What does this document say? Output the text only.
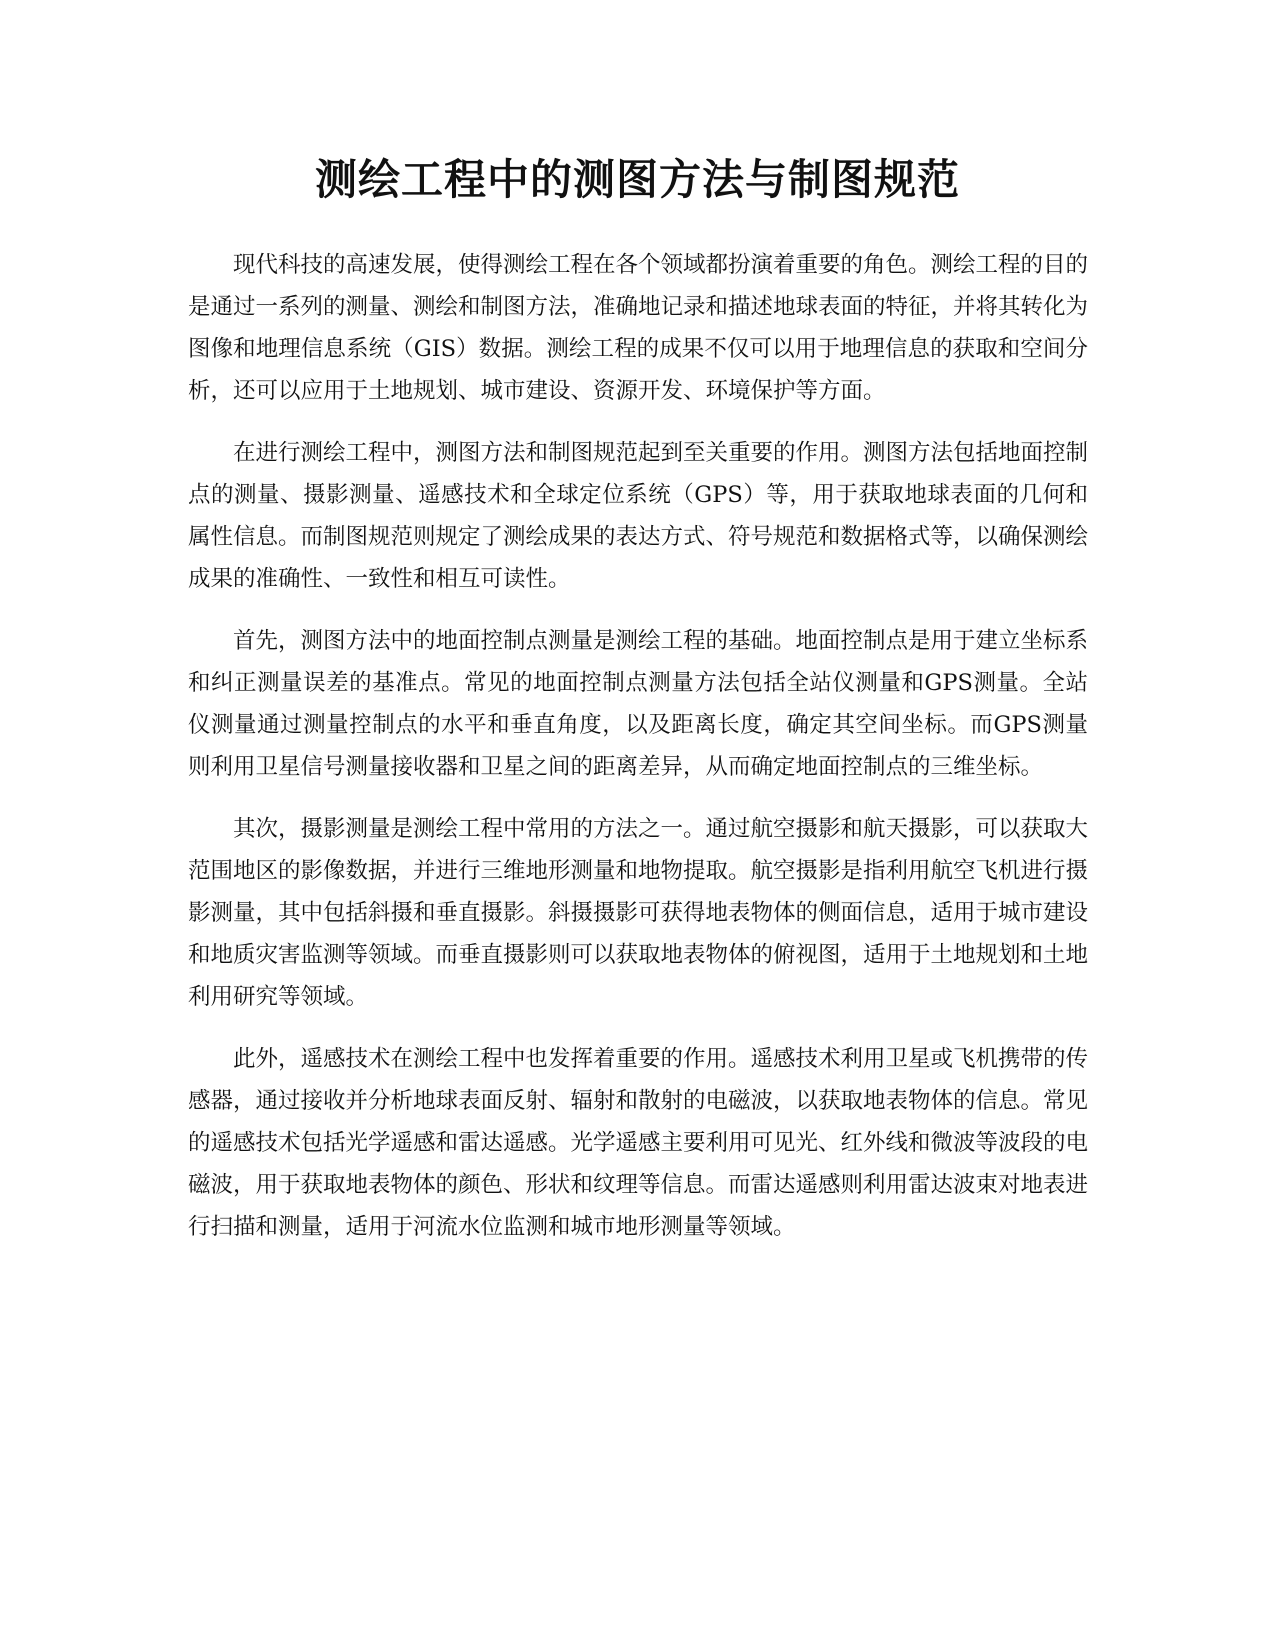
测绘工程中的测图方法与制图规范

现代科技的高速发展，使得测绘工程在各个领域都扮演着重要的角色。测绘工程的目的是通过一系列的测量、测绘和制图方法，准确地记录和描述地球表面的特征，并将其转化为图像和地理信息系统（GIS）数据。测绘工程的成果不仅可以用于地理信息的获取和空间分析，还可以应用于土地规划、城市建设、资源开发、环境保护等方面。

在进行测绘工程中，测图方法和制图规范起到至关重要的作用。测图方法包括地面控制点的测量、摄影测量、遥感技术和全球定位系统（GPS）等，用于获取地球表面的几何和属性信息。而制图规范则规定了测绘成果的表达方式、符号规范和数据格式等，以确保测绘成果的准确性、一致性和相互可读性。

首先，测图方法中的地面控制点测量是测绘工程的基础。地面控制点是用于建立坐标系和纠正测量误差的基准点。常见的地面控制点测量方法包括全站仪测量和GPS测量。全站仪测量通过测量控制点的水平和垂直角度，以及距离长度，确定其空间坐标。而GPS测量则利用卫星信号测量接收器和卫星之间的距离差异，从而确定地面控制点的三维坐标。

其次，摄影测量是测绘工程中常用的方法之一。通过航空摄影和航天摄影，可以获取大范围地区的影像数据，并进行三维地形测量和地物提取。航空摄影是指利用航空飞机进行摄影测量，其中包括斜摄和垂直摄影。斜摄摄影可获得地表物体的侧面信息，适用于城市建设和地质灾害监测等领域。而垂直摄影则可以获取地表物体的俯视图，适用于土地规划和土地利用研究等领域。

此外，遥感技术在测绘工程中也发挥着重要的作用。遥感技术利用卫星或飞机携带的传感器，通过接收并分析地球表面反射、辐射和散射的电磁波，以获取地表物体的信息。常见的遥感技术包括光学遥感和雷达遥感。光学遥感主要利用可见光、红外线和微波等波段的电磁波，用于获取地表物体的颜色、形状和纹理等信息。而雷达遥感则利用雷达波束对地表进行扫描和测量，适用于河流水位监测和城市地形测量等领域。
